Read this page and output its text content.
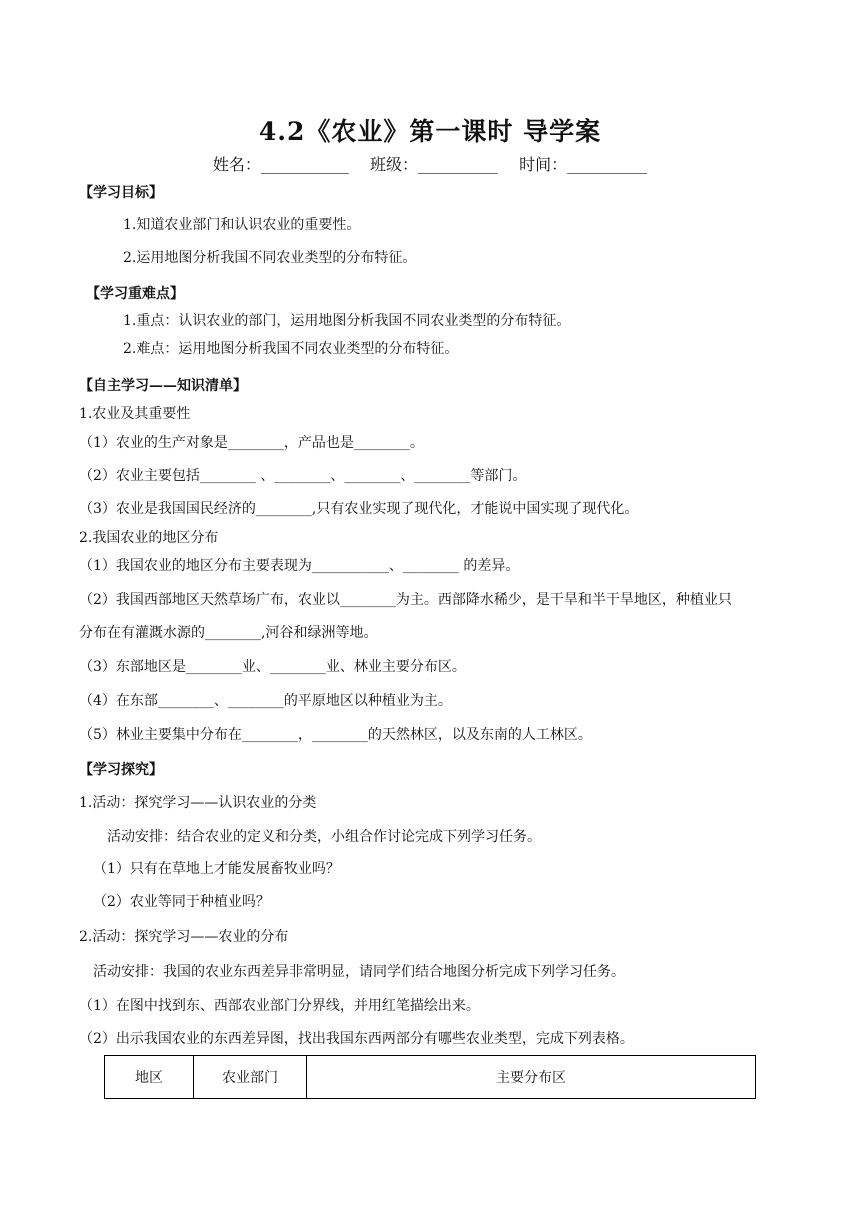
4.2《农业》第一课时 导学案
姓名：___________ 班级：__________ 时间：__________
【学习目标】
1.知道农业部门和认识农业的重要性。
2.运用地图分析我国不同农业类型的分布特征。
【学习重难点】
1.重点：认识农业的部门，运用地图分析我国不同农业类型的分布特征。
2.难点：运用地图分析我国不同农业类型的分布特征。
【自主学习——知识清单】
1.农业及其重要性
（1）农业的生产对象是________，产品也是________。
（2）农业主要包括________ 、________、________、________等部门。
（3）农业是我国国民经济的________,只有农业实现了现代化，才能说中国实现了现代化。
2.我国农业的地区分布
（1）我国农业的地区分布主要表现为___________、________ 的差异。
（2）我国西部地区天然草场广布，农业以________为主。西部降水稀少，是干旱和半干旱地区，种植业只
分布在有灌溉水源的________,河谷和绿洲等地。
（3）东部地区是________业、________业、林业主要分布区。
（4）在东部________、________的平原地区以种植业为主。
（5）林业主要集中分布在________，________的天然林区，以及东南的人工林区。
【学习探究】
1.活动：探究学习——认识农业的分类
活动安排：结合农业的定义和分类，小组合作讨论完成下列学习任务。
（1）只有在草地上才能发展畜牧业吗？
（2）农业等同于种植业吗？
2.活动：探究学习——农业的分布
活动安排：我国的农业东西差异非常明显，请同学们结合地图分析完成下列学习任务。
（1）在图中找到东、西部农业部门分界线，并用红笔描绘出来。
（2）出示我国农业的东西差异图，找出我国东西两部分有哪些农业类型，完成下列表格。
地区	农业部门	主要分布区
